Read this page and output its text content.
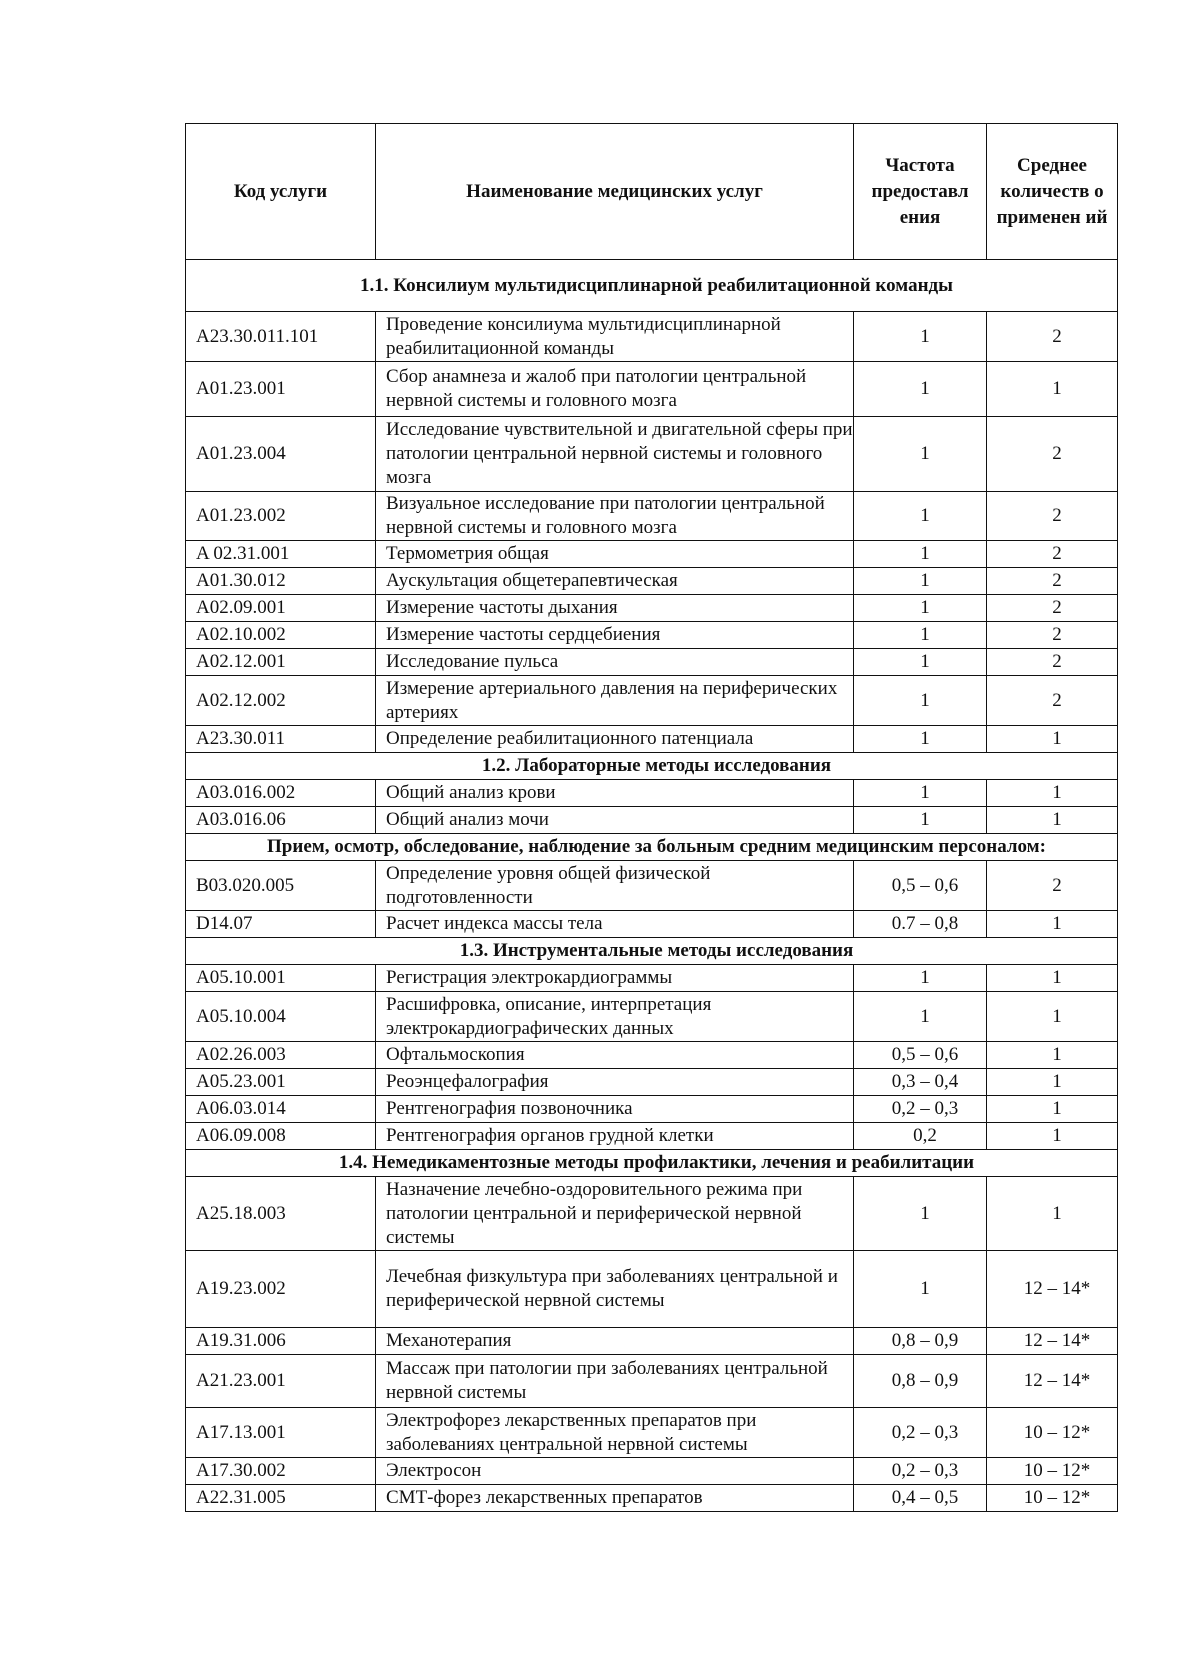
Код услуги	Наименование медицинских услуг	Частота предоставл ения	Среднее количеств о применен ий
1.1. Консилиум мультидисциплинарной реабилитационной команды			
A23.30.011.101	Проведение консилиума мультидисциплинарной реабилитационной команды	1	2
A01.23.001	Сбор анамнеза и жалоб при патологии центральной нервной системы и головного мозга	1	1
A01.23.004	Исследование чувствительной и двигательной сферы при патологии центральной нервной системы и головного мозга	1	2
A01.23.002	Визуальное исследование при патологии центральной нервной системы и головного мозга	1	2
A 02.31.001	Термометрия общая	1	2
A01.30.012	Аускультация общетерапевтическая	1	2
A02.09.001	Измерение частоты дыхания	1	2
A02.10.002	Измерение частоты сердцебиения	1	2
A02.12.001	Исследование пульса	1	2
A02.12.002	Измерение артериального давления на периферических артериях	1	2
A23.30.011	Определение реабилитационного патенциала	1	1
1.2. Лабораторные методы исследования			
A03.016.002	Общий анализ крови	1	1
A03.016.06	Общий анализ мочи	1	1
Прием, осмотр, обследование, наблюдение за больным средним медицинским персоналом:			
B03.020.005	Определение уровня общей физической подготовленности	0,5 – 0,6	2
D14.07	Расчет индекса массы тела	0.7 – 0,8	1
1.3. Инструментальные методы исследования			
A05.10.001	Регистрация электрокардиограммы	1	1
A05.10.004	Расшифровка, описание, интерпретация электрокардиографических данных	1	1
A02.26.003	Офтальмоскопия	0,5 – 0,6	1
A05.23.001	Реоэнцефалография	0,3 – 0,4	1
A06.03.014	Рентгенография позвоночника	0,2 – 0,3	1
A06.09.008	Рентгенография органов грудной клетки	0,2	1
1.4. Немедикаментозные методы профилактики, лечения и реабилитации			
A25.18.003	Назначение лечебно-оздоровительного режима при патологии центральной и периферической нервной системы	1	1
A19.23.002	Лечебная физкультура при заболеваниях центральной и периферической нервной системы	1	12 – 14*
A19.31.006	Механотерапия	0,8 – 0,9	12 – 14*
A21.23.001	Массаж при патологии при заболеваниях центральной нервной системы	0,8 – 0,9	12 – 14*
A17.13.001	Электрофорез лекарственных препаратов при заболеваниях центральной нервной системы	0,2 – 0,3	10 – 12*
A17.30.002	Электросон	0,2 – 0,3	10 – 12*
A22.31.005	СМТ-форез лекарственных препаратов	0,4 – 0,5	10 – 12*
